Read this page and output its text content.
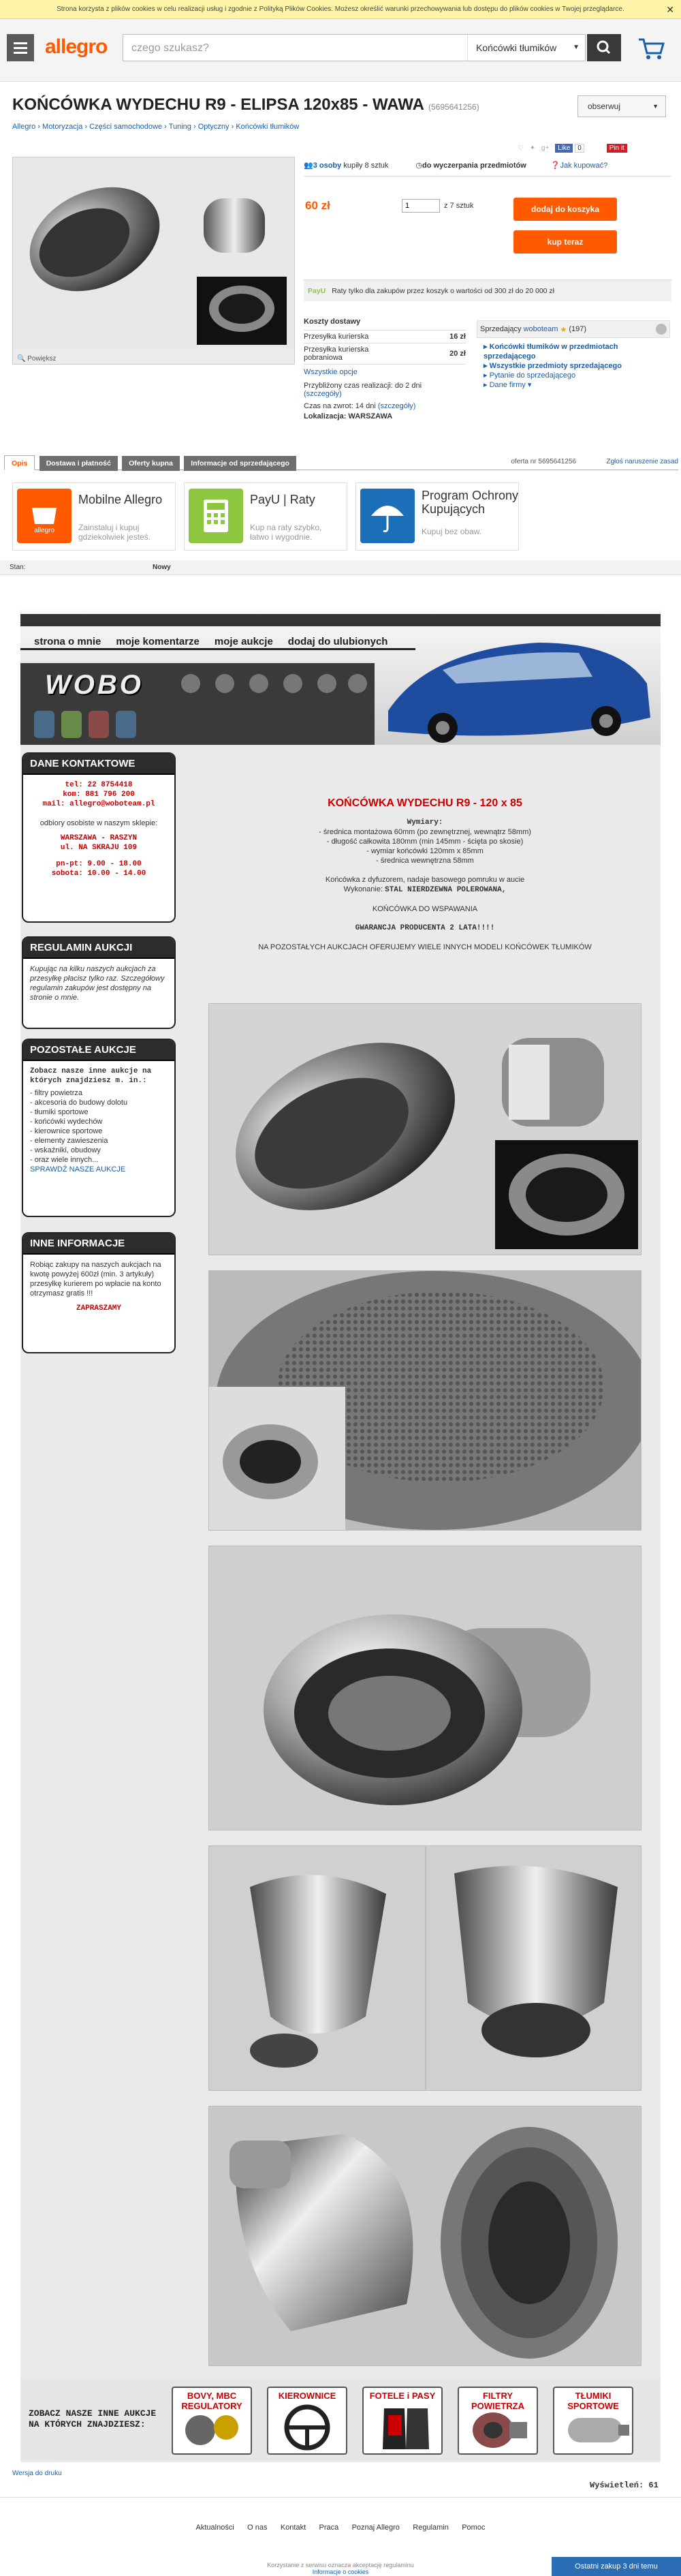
Strona korzysta z plików cookies w celu realizacji usług i zgodnie z Polityką Plików Cookies. Możesz określić warunki przechowywania lub dostępu do plików cookies w Twojej przeglądarce.	✕
allegro czego szukasz?	Końcówki tłumików ▼
KOŃCÓWKA WYDECHU R9 - ELIPSA 120x85 - WAWA (5695641256)	obserwuj	▼
Allegro › Motoryzacja › Części samochodowe › Tuning › Optyczny › Końcówki tłumików
🔍 Powiększ
👥 3 osoby
kupiły 8 sztuk	◷ do wyczerpania przedmiotów	❓ Jak kupować?
♡ ✦ g+ Like 0	Pin it
60 zł
1	z 7 sztuk	dodaj do koszyka
kup teraz
PayU Raty tylko dla zakupów przez koszyk o wartości od 300 zł do 20 000 zł
Koszty dostawy
Przesyłka kurierska	16 zł
Przesyłka kurierska pobraniowa	20 zł
Wszystkie opcje
Przybliżony czas realizacji: do 2 dni
(szczegóły)
Czas na zwrot: 14 dni (szczegóły)
Lokalizacja: WARSZAWA
Sprzedający
woboteam
★
(197)
▸ Końcówki tłumików w przedmiotach sprzedającego
▸ Wszystkie przedmioty sprzedającego
▸ Pytanie do sprzedającego
▸ Dane firmy ▾
Opis	Dostawa i płatność	Oferty kupna	Informacje od sprzedającego	oferta nr 5695641256	Zgłoś naruszenie zasad
allegro
Mobilne Allegro
Zainstaluj i kupuj
gdziekolwiek jesteś.
PayU | Raty
Kup na raty szybko,
łatwo i wygodnie.
Program Ochrony
Kupujących
Kupuj bez obaw.
Stan:	Nowy
strona o mnie moje komentarze moje aukcje dodaj do ulubionych
WOBO
DANE KONTAKTOWE
tel: 22 8754418
kom: 881 796 200
mail: allegro@woboteam.pl
odbiory osobiste w naszym sklepie:
WARSZAWA - RASZYN
ul. NA SKRAJU 109
pn-pt: 9.00 - 18.00
sobota: 10.00 - 14.00
REGULAMIN AUKCJI
Kupując na kilku naszych aukcjach za przesyłkę płacisz tylko raz. Szczegółowy regulamin zakupów jest dostępny na stronie o mnie.
POZOSTAŁE AUKCJE
Zobacz nasze inne aukcje na których znajdziesz m. in.:
- filtry powietrza
- akcesoria do budowy dolotu
- tłumiki sportowe
- końcówki wydechów
- kierownice sportowe
- elementy zawieszenia
- wskaźniki, obudowy
- oraz wiele innych...
SPRAWDŹ NASZE AUKCJE
INNE INFORMACJE
Robiąc zakupy na naszych aukcjach na kwotę powyżej 600zł (min. 3 artykuły) przesyłkę kurierem po wpłacie na konto otrzymasz gratis !!!
ZAPRASZAMY
KOŃCÓWKA WYDECHU R9 - 120 x 85
Wymiary:
- średnica montażowa 60mm (po zewnętrznej, wewnątrz 58mm)
- długość całkowita 180mm (min 145mm - ścięta po skosie)
- wymiar końcówki 120mm x 85mm
- średnica wewnętrzna 58mm
Końcówka z dyfuzorem, nadaje basowego pomruku w aucie
Wykonanie: STAL NIERDZEWNA POLEROWANA,
KOŃCÓWKA DO WSPAWANIA
GWARANCJA PRODUCENTA 2 LATA!!!!
NA POZOSTAŁYCH AUKCJACH OFERUJEMY WIELE INNYCH MODELI KOŃCÓWEK TŁUMIKÓW
ZOBACZ NASZE INNE AUKCJE NA KTÓRYCH ZNAJDZIESZ:
BOVY, MBC REGULATORY
KIEROWNICE	FOTELE i PASY	FILTRY POWIETRZA
TŁUMIKI SPORTOWE
Wersja do druku
Wyświetleń: 61
Aktualności O nas Kontakt Praca Poznaj Allegro Regulamin Pomoc
Korzystanie z serwisu oznacza akceptację regulaminu
Informacje o cookies
Ostatni zakup 3 dni temu
